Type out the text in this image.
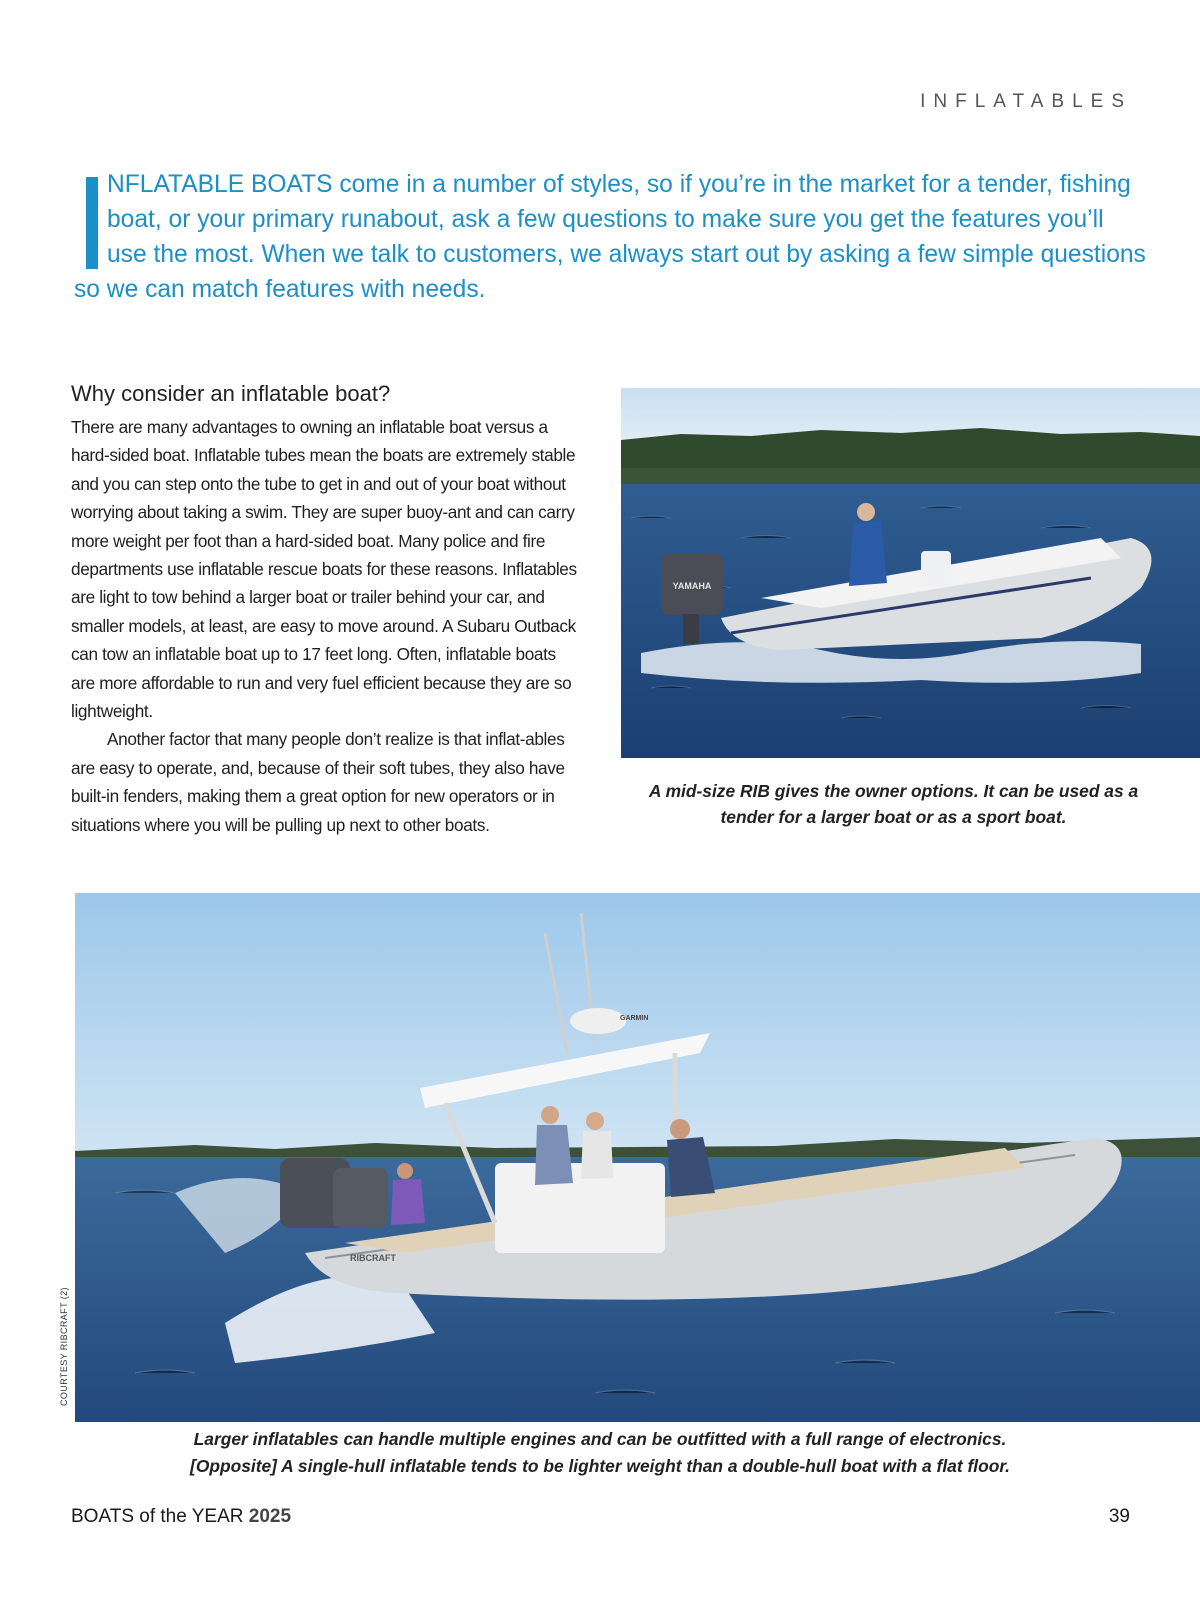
INFLATABLES
NFLATABLE BOATS come in a number of styles, so if you’re in the market for a tender, fishing
boat, or your primary runabout, ask a few questions to make sure you get the features you’ll
use the most. When we talk to customers, we always start out by asking a few simple questions
so we can match features with needs.
Why consider an inflatable boat?

There are many advantages to owning an inflatable boat versus a hard-sided boat. Inflatable tubes mean the boats are extremely stable and you can step onto the tube to get in and out of your boat without worrying about taking a swim. They are super buoy-ant and can carry more weight per foot than a hard-sided boat. Many police and fire departments use inflatable rescue boats for these reasons. Inflatables are light to tow behind a larger boat or trailer behind your car, and smaller models, at least, are easy to move around. A Subaru Outback can tow an inflatable boat up to 17 feet long. Often, inflatable boats are more affordable to run and very fuel efficient because they are so lightweight.

Another factor that many people don’t realize is that inflat-ables are easy to operate, and, because of their soft tubes, they also have built-in fenders, making them a great option for new operators or in situations where you will be pulling up next to other boats.

YAMAHA
A mid-size RIB gives the owner options. It can be used as a tender for a larger boat or as a sport boat.
GARMIN
RIBCRAFT
COURTESY RIBCRAFT (2)
Larger inflatables can handle multiple engines and can be outfitted with a full range of electronics.
[Opposite] A single-hull inflatable tends to be lighter weight than a double-hull boat with a flat floor.
BOATS of the YEAR 2025	39
